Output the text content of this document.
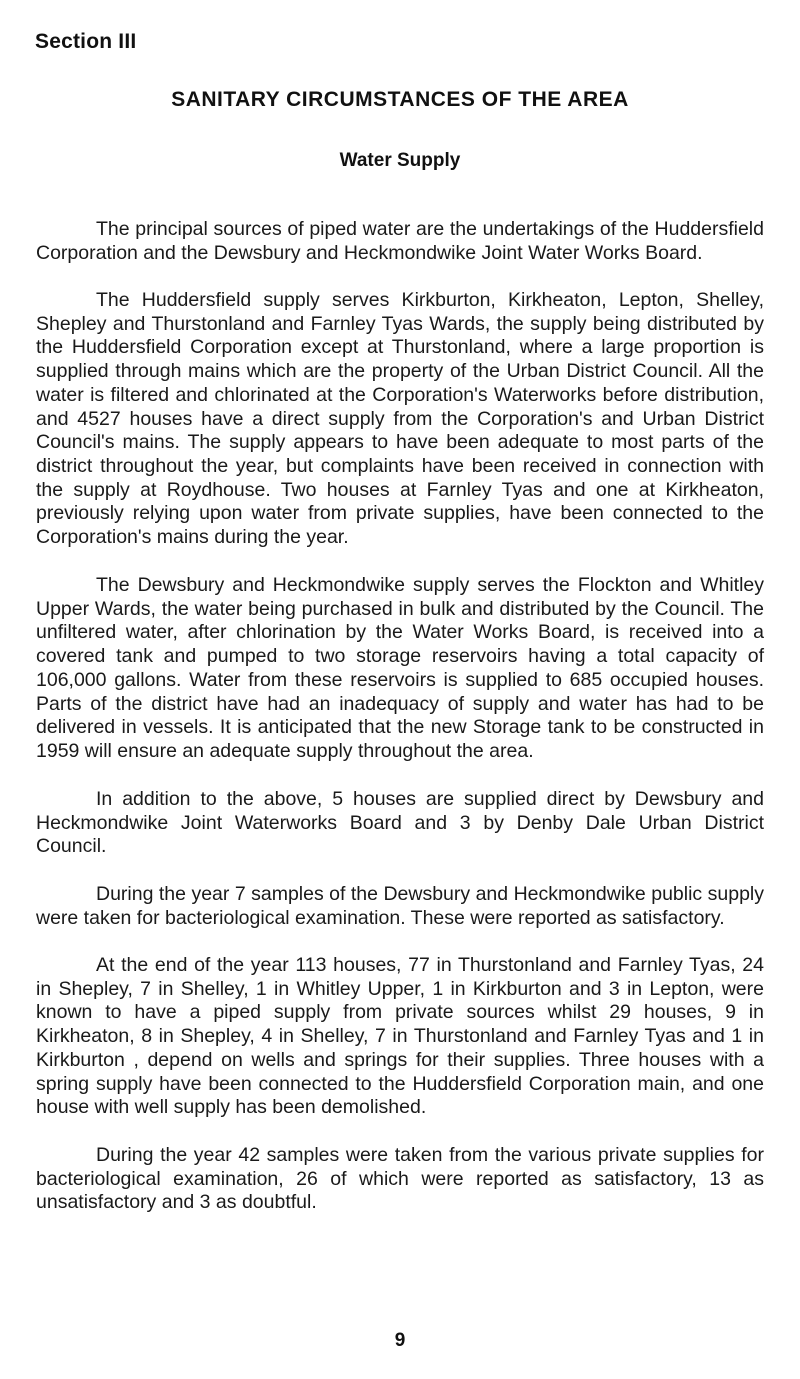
Section III
SANITARY CIRCUMSTANCES OF THE AREA
Water Supply

The principal sources of piped water are the undertakings of the Huddersfield Corporation and the Dewsbury and Heckmondwike Joint Water Works Board.

The Huddersfield supply serves Kirkburton, Kirkheaton, Lepton, Shelley, Shepley and Thurstonland and Farnley Tyas Wards, the supply being distributed by the Huddersfield Corporation except at Thurstonland, where a large proportion is supplied through mains which are the property of the Urban District Council. All the water is filtered and chlorinated at the Corporation's Waterworks before distribution, and 4527 houses have a direct supply from the Corporation's and Urban District Council's mains. The supply appears to have been adequate to most parts of the district throughout the year, but complaints have been received in connection with the supply at Roydhouse. Two houses at Farnley Tyas and one at Kirkheaton, previously relying upon water from private supplies, have been connected to the Corporation's mains during the year.

The Dewsbury and Heckmondwike supply serves the Flockton and Whitley Upper Wards, the water being purchased in bulk and distributed by the Council. The unfiltered water, after chlorination by the Water Works Board, is received into a covered tank and pumped to two storage reservoirs having a total capacity of 106,000 gallons. Water from these reservoirs is supplied to 685 occupied houses. Parts of the district have had an inadequacy of supply and water has had to be delivered in vessels. It is anticipated that the new Storage tank to be constructed in 1959 will ensure an adequate supply throughout the area.

In addition to the above, 5 houses are supplied direct by Dewsbury and Heckmondwike Joint Waterworks Board and 3 by Denby Dale Urban District Council.

During the year 7 samples of the Dewsbury and Heckmondwike public supply were taken for bacteriological examination. These were reported as satisfactory.

At the end of the year 113 houses, 77 in Thurstonland and Farnley Tyas, 24 in Shepley, 7 in Shelley, 1 in Whitley Upper, 1 in Kirkburton and 3 in Lepton, were known to have a piped supply from private sources whilst 29 houses, 9 in Kirkheaton, 8 in Shepley, 4 in Shelley, 7 in Thurstonland and Farnley Tyas and 1 in Kirkburton , depend on wells and springs for their supplies. Three houses with a spring supply have been connected to the Huddersfield Corporation main, and one house with well supply has been demolished.

During the year 42 samples were taken from the various private supplies for bacteriological examination, 26 of which were reported as satisfactory, 13 as unsatisfactory and 3 as doubtful.

9
